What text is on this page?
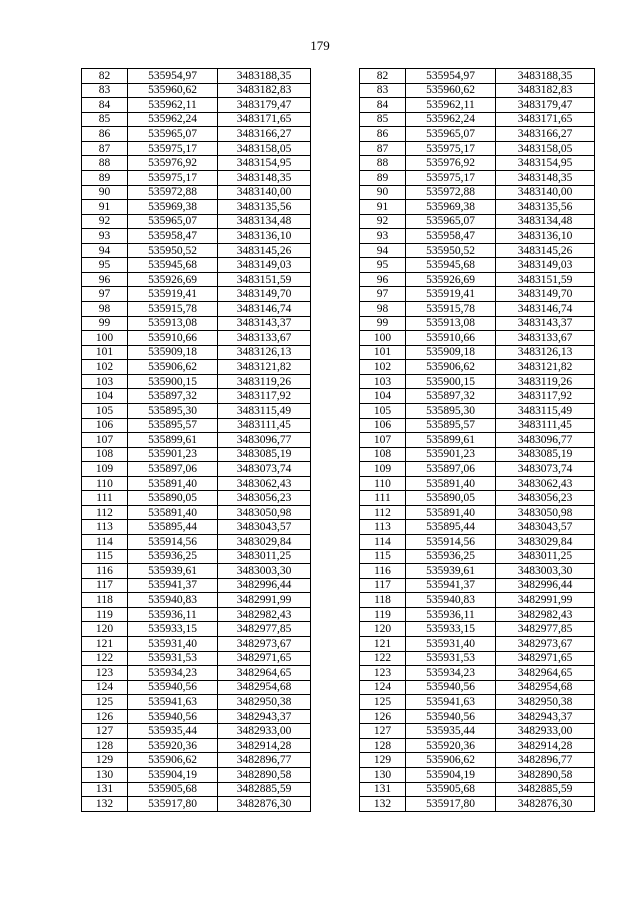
179
82	535954,97	3483188,35
83	535960,62	3483182,83
84	535962,11	3483179,47
85	535962,24	3483171,65
86	535965,07	3483166,27
87	535975,17	3483158,05
88	535976,92	3483154,95
89	535975,17	3483148,35
90	535972,88	3483140,00
91	535969,38	3483135,56
92	535965,07	3483134,48
93	535958,47	3483136,10
94	535950,52	3483145,26
95	535945,68	3483149,03
96	535926,69	3483151,59
97	535919,41	3483149,70
98	535915,78	3483146,74
99	535913,08	3483143,37
100	535910,66	3483133,67
101	535909,18	3483126,13
102	535906,62	3483121,82
103	535900,15	3483119,26
104	535897,32	3483117,92
105	535895,30	3483115,49
106	535895,57	3483111,45
107	535899,61	3483096,77
108	535901,23	3483085,19
109	535897,06	3483073,74
110	535891,40	3483062,43
111	535890,05	3483056,23
112	535891,40	3483050,98
113	535895,44	3483043,57
114	535914,56	3483029,84
115	535936,25	3483011,25
116	535939,61	3483003,30
117	535941,37	3482996,44
118	535940,83	3482991,99
119	535936,11	3482982,43
120	535933,15	3482977,85
121	535931,40	3482973,67
122	535931,53	3482971,65
123	535934,23	3482964,65
124	535940,56	3482954,68
125	535941,63	3482950,38
126	535940,56	3482943,37
127	535935,44	3482933,00
128	535920,36	3482914,28
129	535906,62	3482896,77
130	535904,19	3482890,58
131	535905,68	3482885,59
132	535917,80	3482876,30
82	535954,97	3483188,35
83	535960,62	3483182,83
84	535962,11	3483179,47
85	535962,24	3483171,65
86	535965,07	3483166,27
87	535975,17	3483158,05
88	535976,92	3483154,95
89	535975,17	3483148,35
90	535972,88	3483140,00
91	535969,38	3483135,56
92	535965,07	3483134,48
93	535958,47	3483136,10
94	535950,52	3483145,26
95	535945,68	3483149,03
96	535926,69	3483151,59
97	535919,41	3483149,70
98	535915,78	3483146,74
99	535913,08	3483143,37
100	535910,66	3483133,67
101	535909,18	3483126,13
102	535906,62	3483121,82
103	535900,15	3483119,26
104	535897,32	3483117,92
105	535895,30	3483115,49
106	535895,57	3483111,45
107	535899,61	3483096,77
108	535901,23	3483085,19
109	535897,06	3483073,74
110	535891,40	3483062,43
111	535890,05	3483056,23
112	535891,40	3483050,98
113	535895,44	3483043,57
114	535914,56	3483029,84
115	535936,25	3483011,25
116	535939,61	3483003,30
117	535941,37	3482996,44
118	535940,83	3482991,99
119	535936,11	3482982,43
120	535933,15	3482977,85
121	535931,40	3482973,67
122	535931,53	3482971,65
123	535934,23	3482964,65
124	535940,56	3482954,68
125	535941,63	3482950,38
126	535940,56	3482943,37
127	535935,44	3482933,00
128	535920,36	3482914,28
129	535906,62	3482896,77
130	535904,19	3482890,58
131	535905,68	3482885,59
132	535917,80	3482876,30
